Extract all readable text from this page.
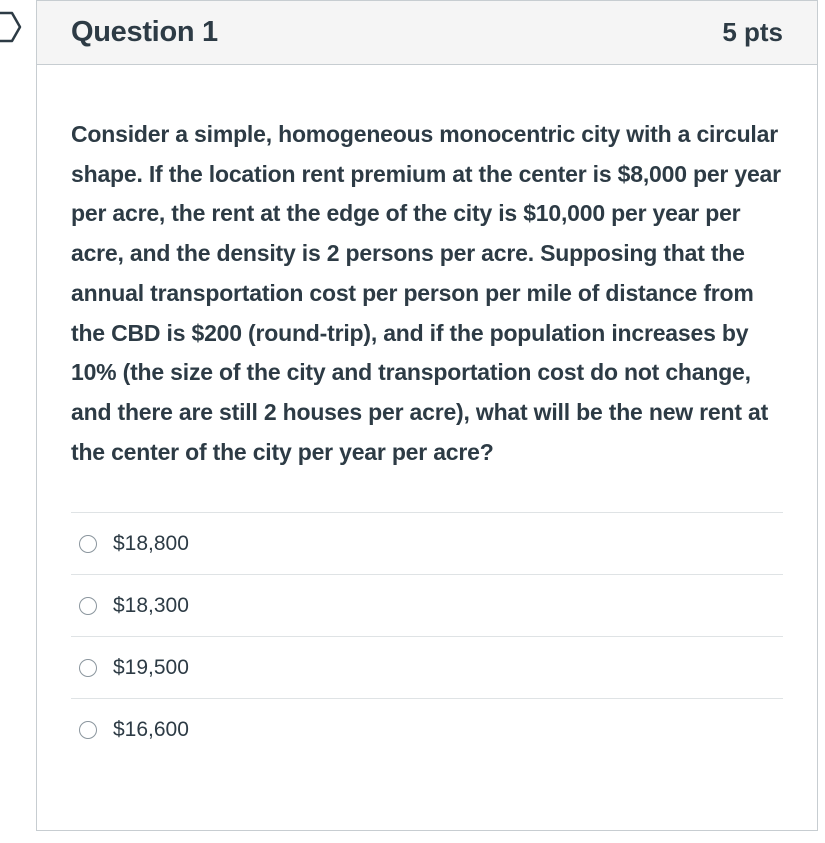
Question 1	5 pts

Consider a simple, homogeneous monocentric city with a circular shape. If the location rent premium at the center is $8,000 per year per acre, the rent at the edge of the city is $10,000 per year per acre, and the density is 2 persons per acre. Supposing that the annual transportation cost per person per mile of distance from the CBD is $200 (round-trip), and if the population increases by 10% (the size of the city and transportation cost do not change, and there are still 2 houses per acre), what will be the new rent at the center of the city per year per acre?

$18,800
$18,300
$19,500
$16,600
